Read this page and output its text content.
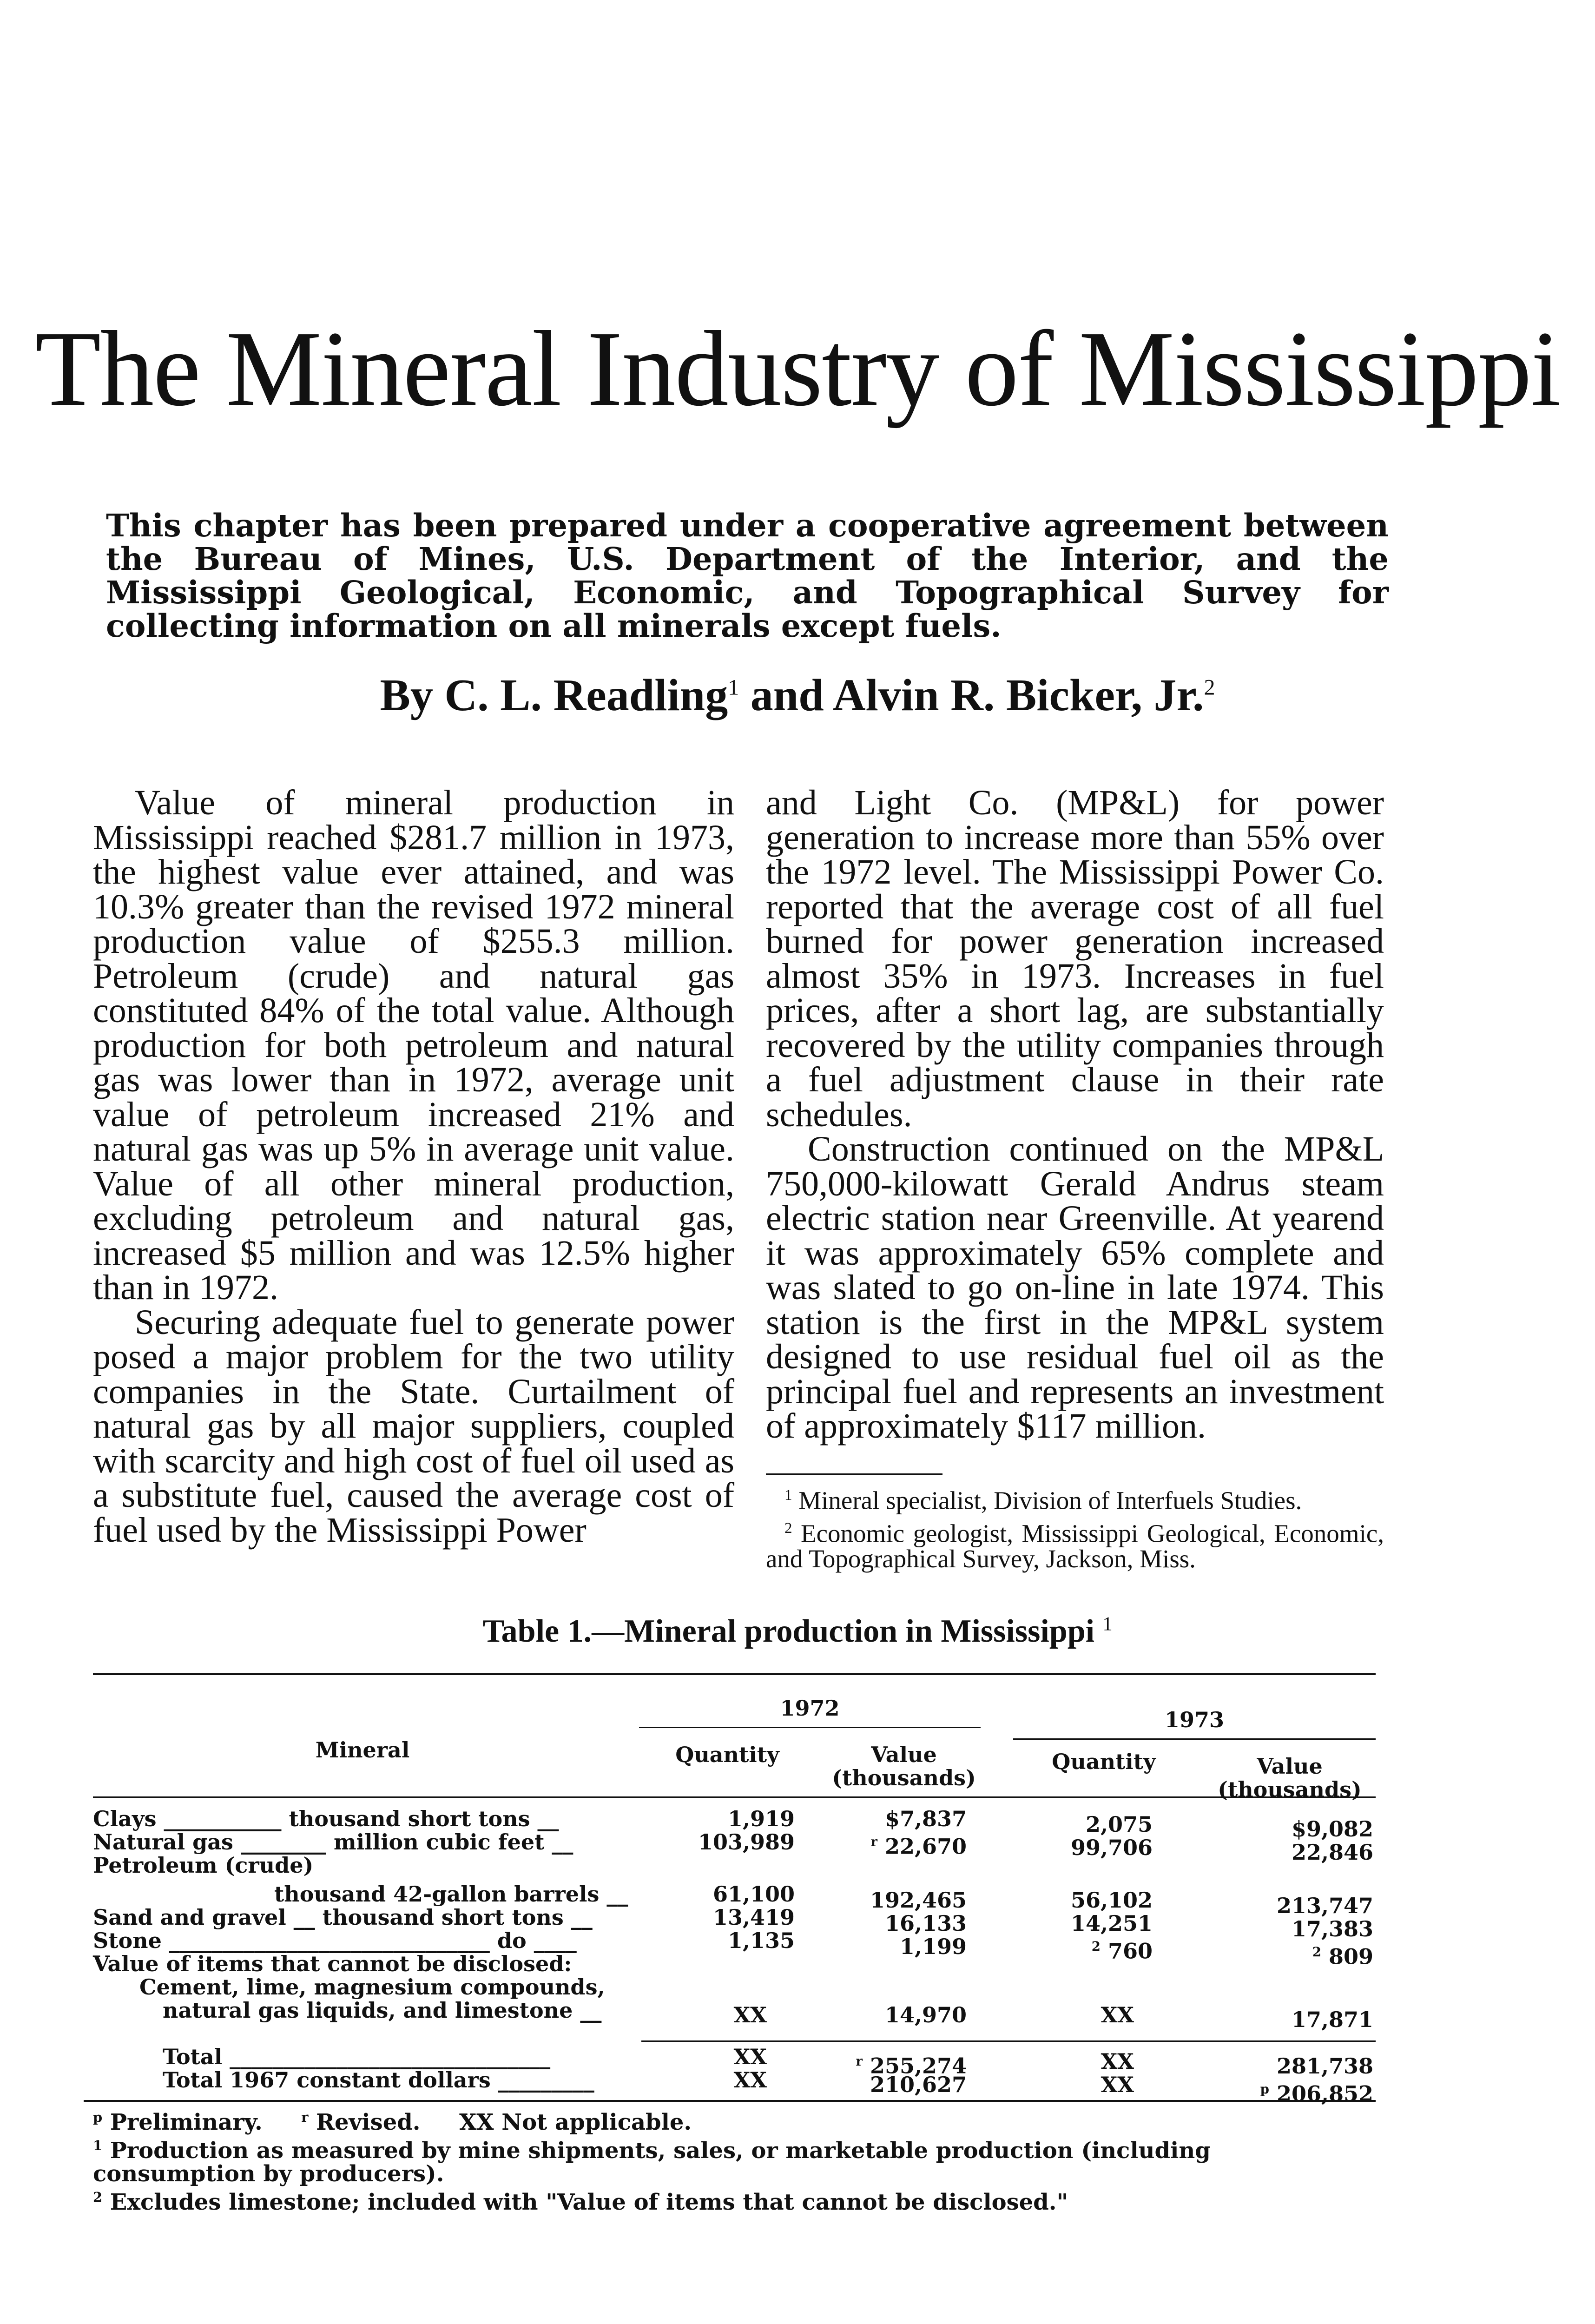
The Mineral Industry of Mississippi
This chapter has been prepared under a cooperative agreement between the Bureau of Mines, U.S. Department of the Interior, and the Mississippi Geological, Economic, and Topographical Survey for collecting information on all minerals except fuels.
By C. L. Readling$^1$ and Alvin R. Bicker, Jr.$^2$

Value of mineral production in Mississippi reached $281.7 million in 1973, the highest value ever attained, and was 10.3% greater than the revised 1972 mineral production value of $255.3 million. Petroleum (crude) and natural gas constituted 84% of the total value. Although production for both petroleum and natural gas was lower than in 1972, average unit value of petroleum increased 21% and natural gas was up 5% in average unit value. Value of all other mineral production, excluding petroleum and natural gas, increased $5 million and was 12.5% higher than in 1972.

Securing adequate fuel to generate power posed a major problem for the two utility companies in the State. Curtailment of natural gas by all major suppliers, coupled with scarcity and high cost of fuel oil used as a substitute fuel, caused the average cost of fuel used by the Mississippi Power

and Light Co. (MP&L) for power generation to increase more than 55% over the 1972 level. The Mississippi Power Co. reported that the average cost of all fuel burned for power generation increased almost 35% in 1973. Increases in fuel prices, after a short lag, are substantially recovered by the utility companies through a fuel adjustment clause in their rate schedules.

Construction continued on the MP&L 750,000-kilowatt Gerald Andrus steam electric station near Greenville. At yearend it was approximately 65% complete and was slated to go on-line in late 1974. This station is the first in the MP&L system designed to use residual fuel oil as the principal fuel and represents an investment of approximately $117 million.

$^1$ Mineral specialist, Division of Interfuels Studies.

$^2$ Economic geologist, Mississippi Geological, Economic, and Topographical Survey, Jackson, Miss.

Table 1.—Mineral production in Mississippi $^1$
1972	1973
Mineral	Quantity	Value
(thousands)
Quantity	Value
(thousands)
Clays ___________ thousand short tons __	1,919	$7,837	2,075	$9,082
Natural gas ________ million cubic feet __	103,989	$^r$ 22,670	99,706	22,846
Petroleum (crude)
thousand 42-gallon barrels __	61,100	192,465	56,102	213,747
Sand and gravel __ thousand short tons __	13,419	16,133	14,251	17,383
Stone ______________________________ do ____	1,135	1,199	$^2$ 760	$^2$ 809
Value of items that cannot be disclosed:
Cement, lime, magnesium compounds,
natural gas liquids, and limestone __	XX	14,970	XX	17,871
Total ______________________________	XX	$^r$ 255,274	XX	281,738
Total 1967 constant dollars _________	XX	210,627	XX	$^p$ 206,852

$^p$ Preliminary.	$^r$ Revised. XX Not applicable.

$^1$ Production as measured by mine shipments, sales, or marketable production (including consumption by producers).

$^2$ Excludes limestone; included with "Value of items that cannot be disclosed."
